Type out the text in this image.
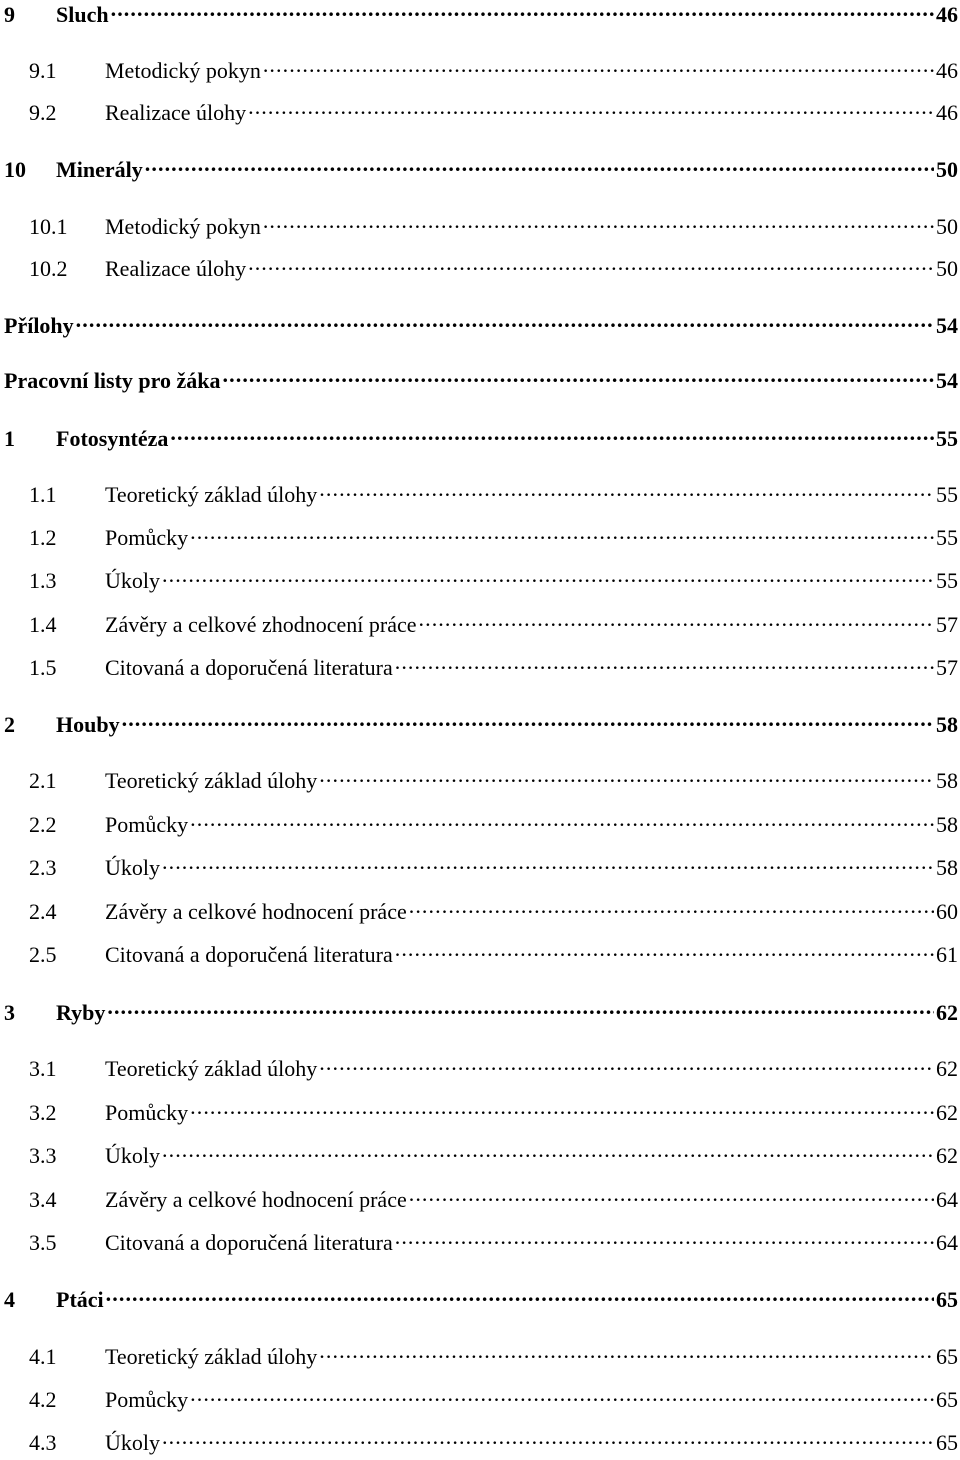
9	Sluch . . .	46
9.1	Metodický pokyn . . .	46
9.2	Realizace úlohy . . .	46
10	Minerály . . .	50
10.1	Metodický pokyn . . .	50
10.2	Realizace úlohy . . .	50
Přílohy . . .	54
Pracovní listy pro žáka . . .	54
1	Fotosyntéza . . .	55
1.1	Teoretický základ úlohy . . .	55
1.2	Pomůcky . . .	55
1.3	Úkoly . . .	55
1.4	Závěry a celkové zhodnocení práce . . .	57
1.5	Citovaná a doporučená literatura . . .	57
2	Houby . . .	58
2.1	Teoretický základ úlohy . . .	58
2.2	Pomůcky . . .	58
2.3	Úkoly . . .	58
2.4	Závěry a celkové hodnocení práce . . .	60
2.5	Citovaná a doporučená literatura . . .	61
3	Ryby . . .	62
3.1	Teoretický základ úlohy . . .	62
3.2	Pomůcky . . .	62
3.3	Úkoly . . .	62
3.4	Závěry a celkové hodnocení práce . . .	64
3.5	Citovaná a doporučená literatura . . .	64
4	Ptáci . . .	65
4.1	Teoretický základ úlohy . . .	65
4.2	Pomůcky . . .	65
4.3	Úkoly . . .	65
